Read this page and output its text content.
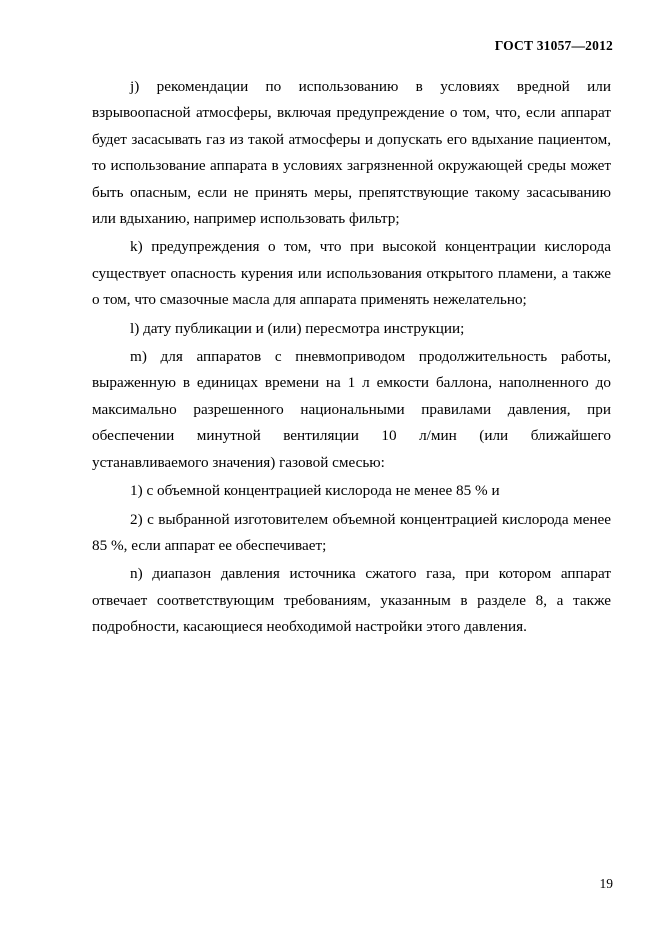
ГОСТ 31057—2012

j) рекомендации по использованию в условиях вредной или взрывоопасной атмосферы, включая предупреждение о том, что, если аппарат будет засасывать газ из такой атмосферы и допускать его вдыхание пациентом, то использование аппарата в условиях загрязненной окружающей среды может быть опасным, если не принять меры, препятствующие такому засасыванию или вдыханию, например использовать фильтр;

k) предупреждения о том, что при высокой концентрации кислорода существует опасность курения или использования открытого пламени, а также о том, что смазочные масла для аппарата применять нежелательно;

l) дату публикации и (или) пересмотра инструкции;

m) для аппаратов с пневмоприводом продолжительность работы, выраженную в единицах времени на 1 л емкости баллона, наполненного до максимально разрешенного национальными правилами давления, при обеспечении минутной вентиляции 10 л/мин (или ближайшего устанавливаемого значения) газовой смесью:

1) с объемной концентрацией кислорода не менее 85 % и

2) с выбранной изготовителем объемной концентрацией кислорода менее 85 %, если аппарат ее обеспечивает;

n) диапазон давления источника сжатого газа, при котором аппарат отвечает соответствующим требованиям, указанным в разделе 8, а также подробности, касающиеся необходимой настройки этого давления.

19
